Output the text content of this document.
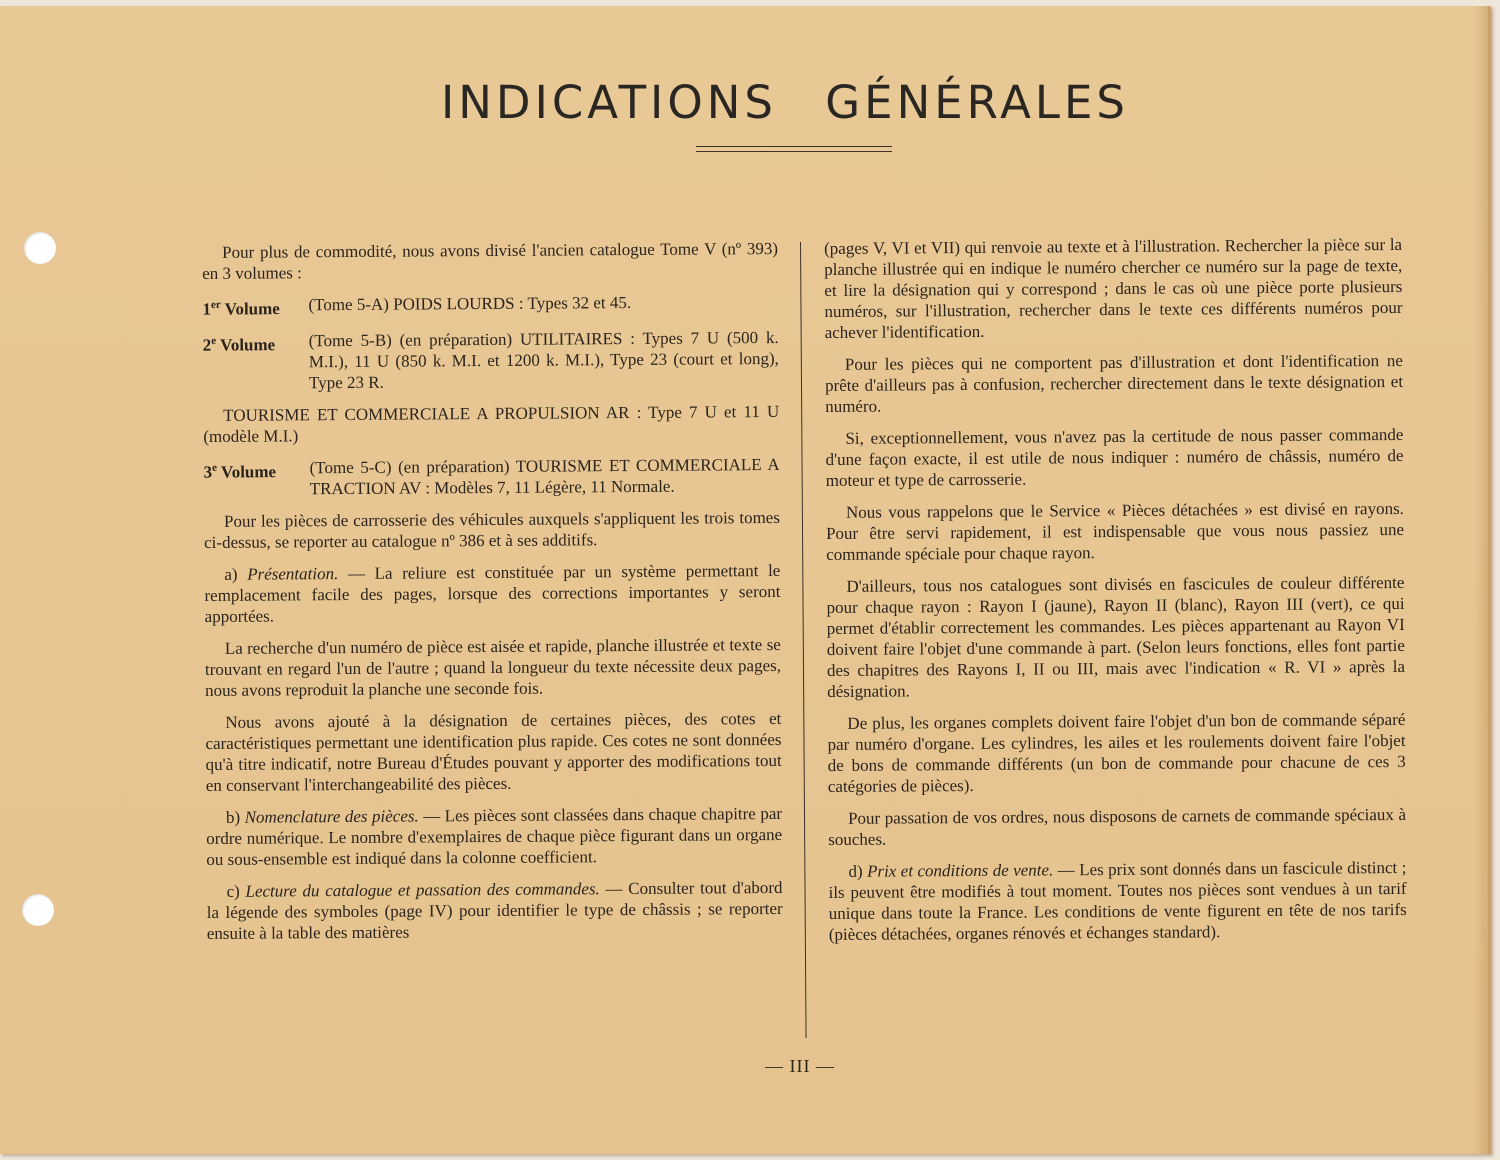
INDICATIONS GÉNÉRALES

Pour plus de commodité, nous avons divisé l'ancien catalogue Tome V (nº 393) en 3 volumes :

1er Volume	(Tome 5-A) POIDS LOURDS : Types 32 et 45.
2e Volume	(Tome 5-B) (en préparation) UTILITAIRES : Types 7 U (500 k. M.I.), 11 U (850 k. M.I. et 1200 k. M.I.), Type 23 (court et long), Type 23 R.

TOURISME ET COMMERCIALE A PROPULSION AR : Type 7 U et 11 U (modèle M.I.)

3e Volume	(Tome 5-C) (en préparation) TOURISME ET COMMERCIALE A TRACTION AV : Modèles 7, 11 Légère, 11 Normale.

Pour les pièces de carrosserie des véhicules auxquels s'appliquent les trois tomes ci-dessus, se reporter au catalogue nº 386 et à ses additifs.

a) Présentation. — La reliure est constituée par un système permettant le remplacement facile des pages, lorsque des corrections importantes y seront apportées.

La recherche d'un numéro de pièce est aisée et rapide, planche illustrée et texte se trouvant en regard l'un de l'autre ; quand la longueur du texte nécessite deux pages, nous avons reproduit la planche une seconde fois.

Nous avons ajouté à la désignation de certaines pièces, des cotes et caractéristiques permettant une identification plus rapide. Ces cotes ne sont données qu'à titre indicatif, notre Bureau d'Études pouvant y apporter des modifications tout en conservant l'interchangeabilité des pièces.

b) Nomenclature des pièces. — Les pièces sont classées dans chaque chapitre par ordre numérique. Le nombre d'exemplaires de chaque pièce figurant dans un organe ou sous-ensemble est indiqué dans la colonne coefficient.

c) Lecture du catalogue et passation des commandes. — Consulter tout d'abord la légende des symboles (page IV) pour identifier le type de châssis ; se reporter ensuite à la table des matières

(pages V, VI et VII) qui renvoie au texte et à l'illustration. Rechercher la pièce sur la planche illustrée qui en indique le numéro chercher ce numéro sur la page de texte, et lire la désignation qui y correspond ; dans le cas où une pièce porte plusieurs numéros, sur l'illustration, rechercher dans le texte ces différents numéros pour achever l'identification.

Pour les pièces qui ne comportent pas d'illustration et dont l'identification ne prête d'ailleurs pas à confusion, rechercher directement dans le texte désignation et numéro.

Si, exceptionnellement, vous n'avez pas la certitude de nous passer commande d'une façon exacte, il est utile de nous indiquer : numéro de châssis, numéro de moteur et type de carrosserie.

Nous vous rappelons que le Service « Pièces détachées » est divisé en rayons. Pour être servi rapidement, il est indispensable que vous nous passiez une commande spéciale pour chaque rayon.

D'ailleurs, tous nos catalogues sont divisés en fascicules de couleur différente pour chaque rayon : Rayon I (jaune), Rayon II (blanc), Rayon III (vert), ce qui permet d'établir correctement les commandes. Les pièces appartenant au Rayon VI doivent faire l'objet d'une commande à part. (Selon leurs fonctions, elles font partie des chapitres des Rayons I, II ou III, mais avec l'indication « R. VI » après la désignation.

De plus, les organes complets doivent faire l'objet d'un bon de commande séparé par numéro d'organe. Les cylindres, les ailes et les roulements doivent faire l'objet de bons de commande différents (un bon de commande pour chacune de ces 3 catégories de pièces).

Pour passation de vos ordres, nous disposons de carnets de commande spéciaux à souches.

d) Prix et conditions de vente. — Les prix sont donnés dans un fascicule distinct ; ils peuvent être modifiés à tout moment. Toutes nos pièces sont vendues à un tarif unique dans toute la France. Les conditions de vente figurent en tête de nos tarifs (pièces détachées, organes rénovés et échanges standard).

— III —
